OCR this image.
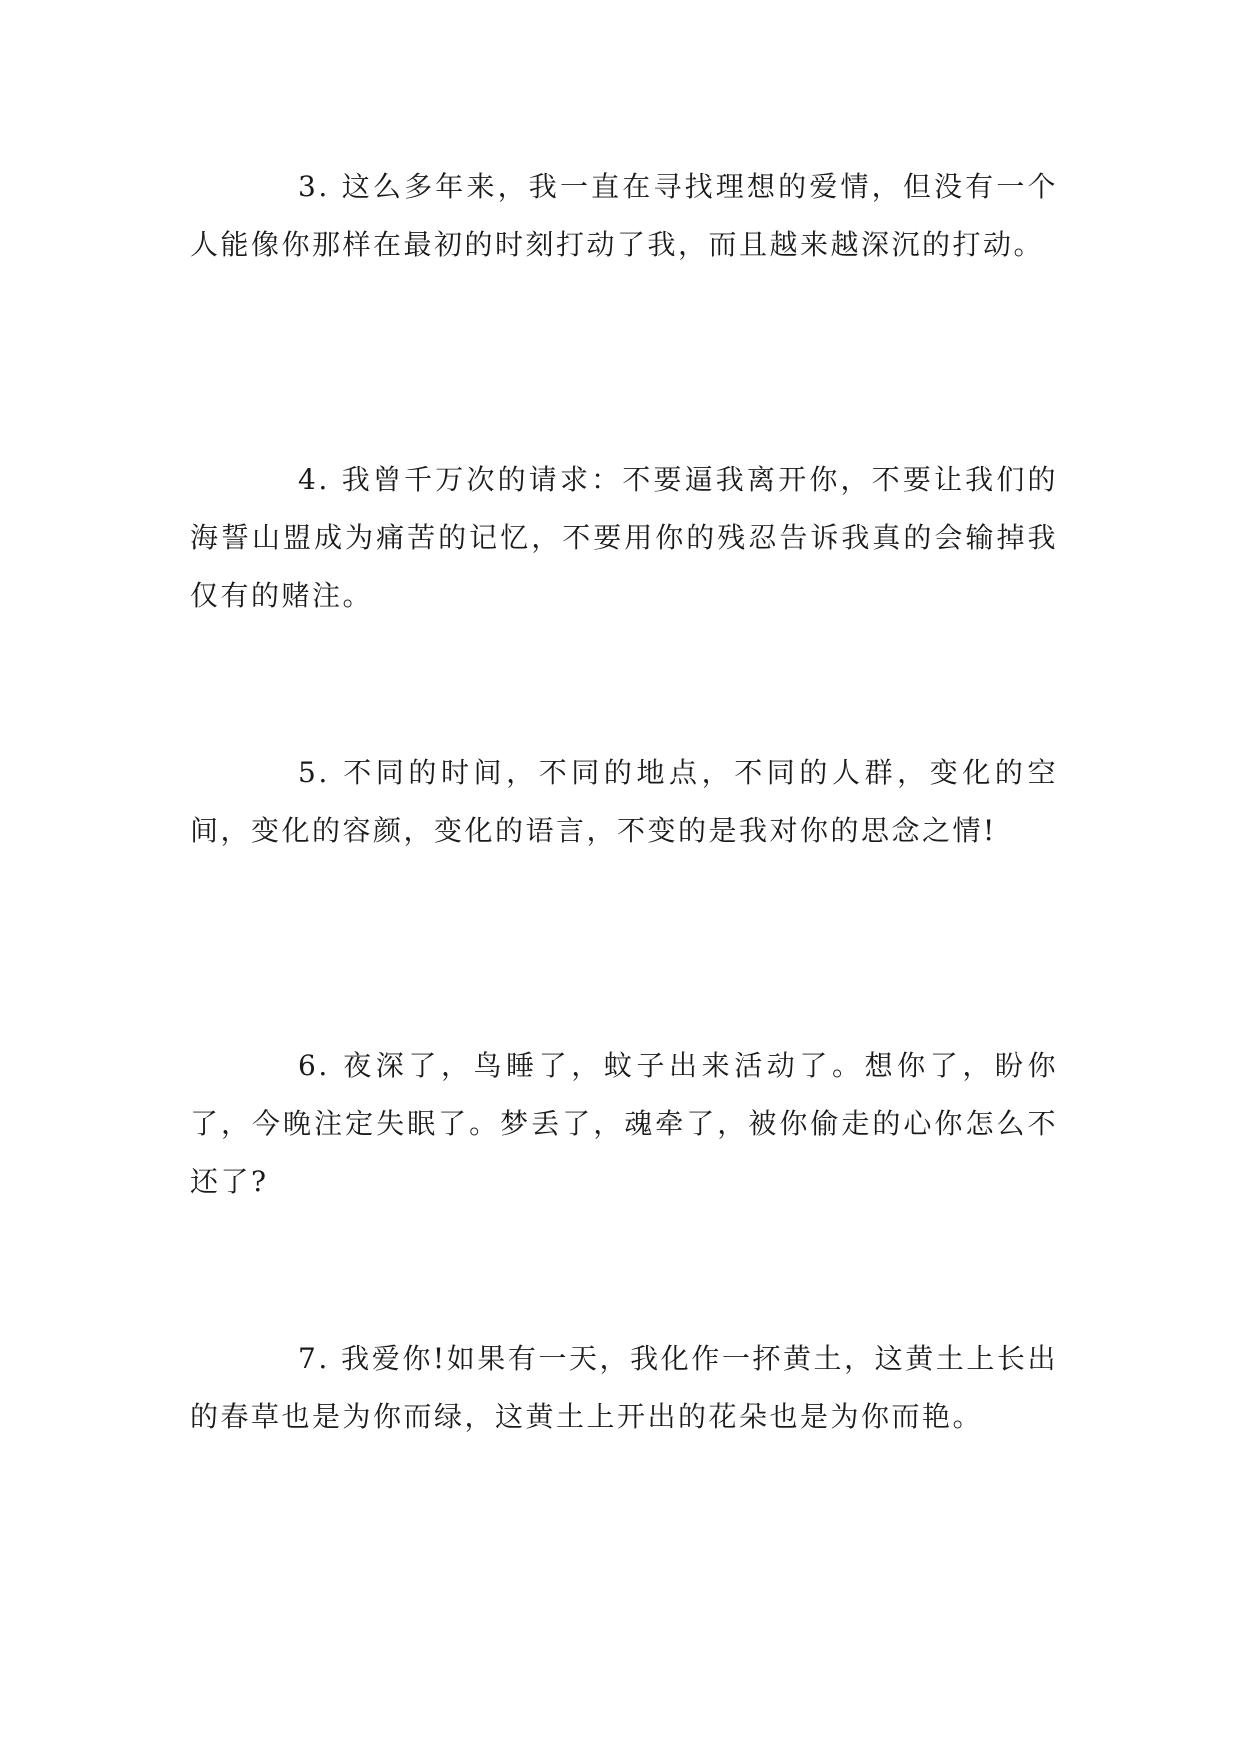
3. 这么多年来，我一直在寻找理想的爱情，但没有一个人能像你那样在最初的时刻打动了我，而且越来越深沉的打动。

4. 我曾千万次的请求：不要逼我离开你，不要让我们的海誓山盟成为痛苦的记忆，不要用你的残忍告诉我真的会输掉我仅有的赌注。

5. 不同的时间，不同的地点，不同的人群，变化的空间，变化的容颜，变化的语言，不变的是我对你的思念之情!

6. 夜深了，鸟睡了，蚊子出来活动了。想你了，盼你了，今晚注定失眠了。梦丢了，魂牵了，被你偷走的心你怎么不还了?

7. 我爱你!如果有一天，我化作一抔黄土，这黄土上长出的春草也是为你而绿，这黄土上开出的花朵也是为你而艳。
